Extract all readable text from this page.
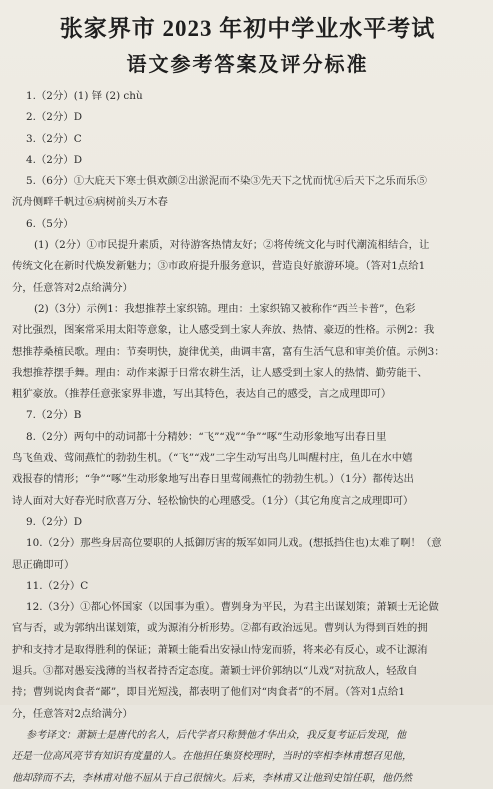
张家界市 2023 年初中学业水平考试
语文参考答案及评分标准
1.（2分）(1) 铎 (2) chù
2.（2分）D
3.（2分）C
4.（2分）D
5.（6分）①大庇天下寒士俱欢颜②出淤泥而不染③先天下之忧而忧④后天下之乐而乐⑤
沉舟侧畔千帆过⑥病树前头万木春
6.（5分）
(1)（2分）①市民提升素质，对待游客热情友好；②将传统文化与时代潮流相结合，让
传统文化在新时代焕发新魅力；③市政府提升服务意识，营造良好旅游环境。（答对1点给1
分，任意答对2点给满分）
(2)（3分）示例1：我想推荐土家织锦。理由：土家织锦又被称作“西兰卡普”，色彩
对比强烈，图案常采用太阳等意象，让人感受到土家人奔放、热情、豪迈的性格。示例2：我
想推荐桑植民歌。理由：节奏明快，旋律优美，曲调丰富，富有生活气息和审美价值。示例3：
我想推荐摆手舞。理由：动作来源于日常农耕生活，让人感受到土家人的热情、勤劳能干、
粗犷豪放。（推荐任意张家界非遗，写出其特色，表达自己的感受，言之成理即可）
7.（2分）B
8.（2分）两句中的动词都十分精妙：“飞”“戏”“争”“啄”生动形象地写出春日里
鸟飞鱼戏、莺闹燕忙的勃勃生机。（“飞”“戏”二字生动写出鸟儿叫醒村庄，鱼儿在水中嬉
戏报春的情形；“争”“啄”生动形象地写出春日里莺闹燕忙的勃勃生机。）（1分）都传达出
诗人面对大好春光时欣喜万分、轻松愉快的心理感受。（1分）（其它角度言之成理即可）
9.（2分）D
10.（2分）那些身居高位要职的人抵御厉害的叛军如同儿戏。(想抵挡住也)太难了啊！（意
思正确即可）
11.（2分）C
12.（3分）①都心怀国家（以国事为重）。曹刿身为平民，为君主出谋划策；萧颖士无论做
官与否，或为郭纳出谋划策，或为源洧分析形势。②都有政治远见。曹刿认为得到百姓的拥
护和支持才是取得胜利的保证；萧颖士能看出安禄山恃宠而骄，将来必有反心，或不让源洧
退兵。③都对愚妄浅薄的当权者持否定态度。萧颖士评价郭纳以“儿戏”对抗敌人，轻敌自
持；曹刿说肉食者“鄙”，即目光短浅，都表明了他们对“肉食者”的不屑。（答对1点给1
分，任意答对2点给满分）
参考译文：萧颖士是唐代的名人，后代学者只称赞他才华出众，我反复考证后发现，他
还是一位高风亮节有知识有度量的人。在他担任集贤校理时，当时的宰相李林甫想召见他，
他却辞而不去，李林甫对他不屈从于自己很恼火。后来，李林甫又让他到史馆任职，他仍然
